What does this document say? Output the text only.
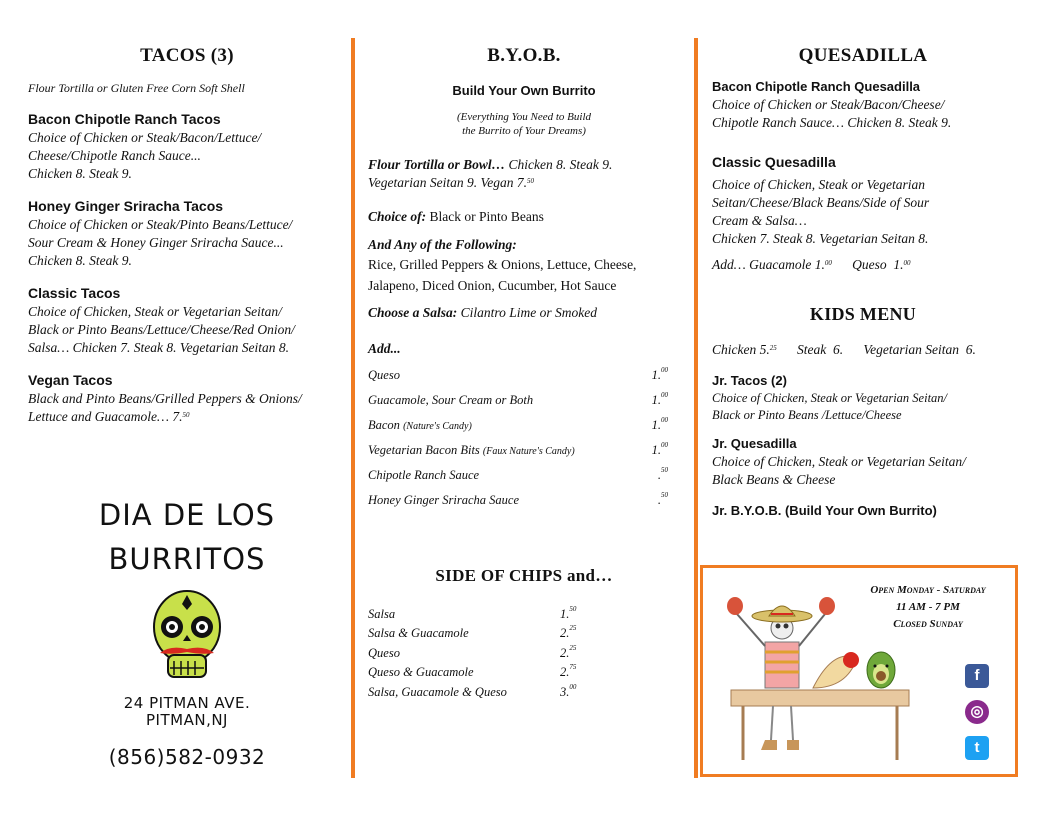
TACOS (3)
Flour Tortilla or Gluten Free Corn Soft Shell
Bacon Chipotle Ranch Tacos
Choice of Chicken or Steak/Bacon/Lettuce/
Cheese/Chipotle Ranch Sauce...
Chicken 8. Steak 9.
Honey Ginger Sriracha Tacos
Choice of Chicken or Steak/Pinto Beans/Lettuce/
Sour Cream & Honey Ginger Sriracha Sauce...
Chicken 8. Steak 9.
Classic Tacos
Choice of Chicken, Steak or Vegetarian Seitan/
Black or Pinto Beans/Lettuce/Cheese/Red Onion/
Salsa… Chicken 7. Steak 8. Vegetarian Seitan 8.
Vegan Tacos
Black and Pinto Beans/Grilled Peppers & Onions/
Lettuce and Guacamole… 7.50
DIA DE LOS
BURRITOS
24 PITMAN AVE.
PITMAN,NJ
(856)582-0932
B.Y.O.B.
Build Your Own Burrito
(Everything You Need to Build
the Burrito of Your Dreams)
Flour Tortilla or Bowl… Chicken 8. Steak 9.
Vegetarian Seitan 9. Vegan 7.50
Choice of: Black or Pinto Beans
And Any of the Following:
Rice, Grilled Peppers & Onions, Lettuce, Cheese,
Jalapeno, Diced Onion, Cucumber, Hot Sauce
Choose a Salsa: Cilantro Lime or Smoked
Add...
Queso	1.00
Guacamole, Sour Cream or Both	1.00
Bacon (Nature's Candy)	1.00
Vegetarian Bacon Bits (Faux Nature's Candy)	1.00
Chipotle Ranch Sauce	.$^{50}$
Honey Ginger Sriracha Sauce	.$^{50}$
SIDE OF CHIPS and…
Salsa	1.50
Salsa & Guacamole	2.25
Queso	2.25
Queso & Guacamole	2.75
Salsa, Guacamole & Queso	3.00
QUESADILLA
Bacon Chipotle Ranch Quesadilla
Choice of Chicken or Steak/Bacon/Cheese/
Chipotle Ranch Sauce… Chicken 8. Steak 9.
Classic Quesadilla
Choice of Chicken, Steak or Vegetarian
Seitan/Cheese/Black Beans/Side of Sour
Cream & Salsa…
Chicken 7. Steak 8. Vegetarian Seitan 8.
Add… Guacamole 1.00      Queso  1.00
KIDS MENU
Chicken 5.25      Steak  6.      Vegetarian Seitan  6.
Jr. Tacos (2)
Choice of Chicken, Steak or Vegetarian Seitan/
Black or Pinto Beans /Lettuce/Cheese
Jr. Quesadilla
Choice of Chicken, Steak or Vegetarian Seitan/
Black Beans & Cheese
Jr. B.Y.O.B. (Build Your Own Burrito)
Open Monday - Saturday
11 AM - 7 PM
Closed Sunday
f
◎
t
